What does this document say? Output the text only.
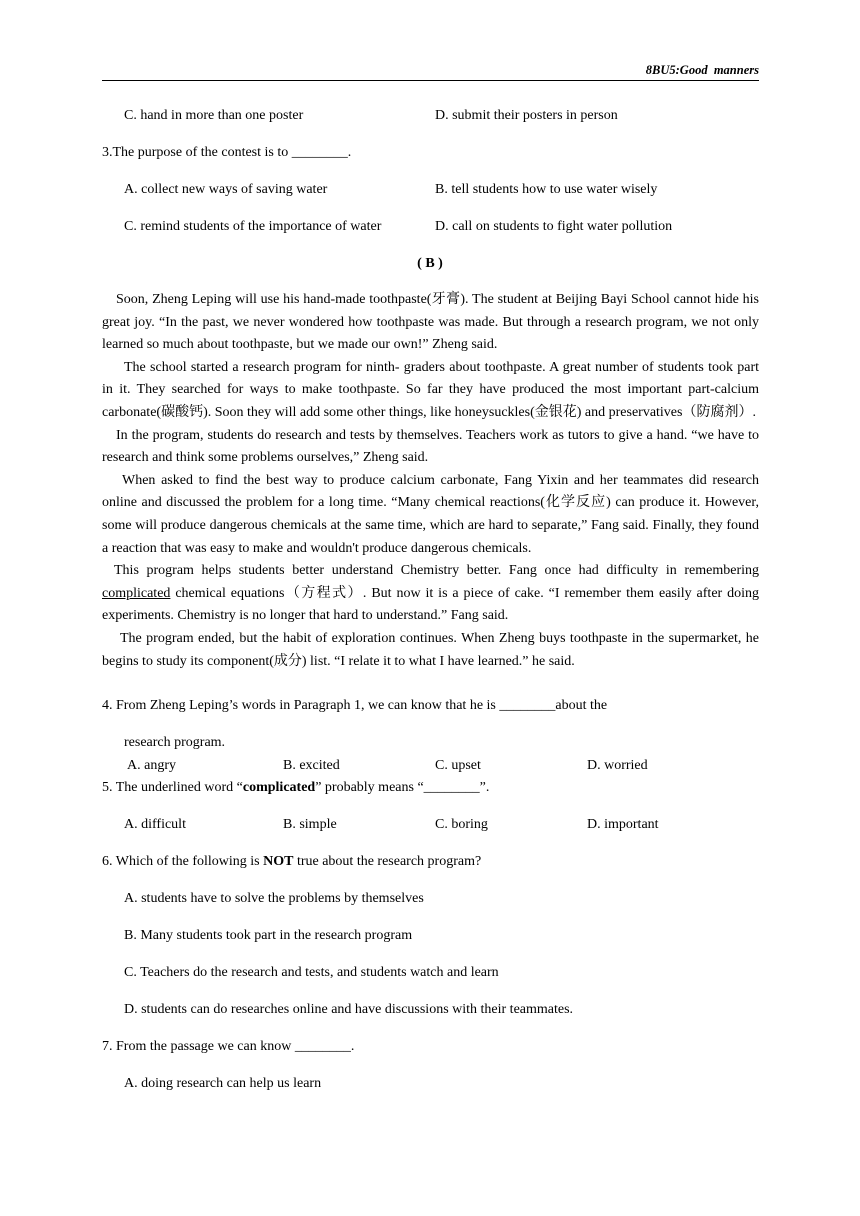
8BU5:Good  manners
C. hand in more than one poster	D. submit their posters in person
3.The purpose of the contest is to ________.
A. collect new ways of saving water	B. tell students how to use water wisely
C. remind students of the importance of water	D. call on students to fight water pollution
( B )

Soon, Zheng Leping will use his hand-made toothpaste(牙膏). The student at Beijing Bayi School cannot hide his great joy. “In the past, we never wondered how toothpaste was made. But through a research program, we not only learned so much about toothpaste, but we made our own!” Zheng said.

The school started a research program for ninth- graders about toothpaste. A great number of students took part in it. They searched for ways to make toothpaste. So far they have produced the most important part-calcium carbonate(碳酸钙). Soon they will add some other things, like honeysuckles(金银花) and preservatives（防腐剂）.

In the program, students do research and tests by themselves. Teachers work as tutors to give a hand. “we have to research and think some problems ourselves,” Zheng said.

When asked to find the best way to produce calcium carbonate, Fang Yixin and her teammates did research online and discussed the problem for a long time. “Many chemical reactions(化学反应) can produce it. However, some will produce dangerous chemicals at the same time, which are hard to separate,” Fang said. Finally, they found a reaction that was easy to make and wouldn't produce dangerous chemicals.

This program helps students better understand Chemistry better. Fang once had difficulty in remembering complicated chemical equations（方程式）. But now it is a piece of cake. “I remember them easily after doing experiments. Chemistry is no longer that hard to understand.” Fang said.

The program ended, but the habit of exploration continues. When Zheng buys toothpaste in the supermarket, he begins to study its component(成分) list. “I relate it to what I have learned.” he said.

4. From Zheng Leping’s words in Paragraph 1, we can know that he is ________about the
research program.
A. angry	B. excited	C. upset	D. worried
5. The underlined word “complicated” probably means “________”.
A. difficult	B. simple	C. boring	D. important
6. Which of the following is NOT true about the research program?
A. students have to solve the problems by themselves
B. Many students took part in the research program
C. Teachers do the research and tests, and students watch and learn
D. students can do researches online and have discussions with their teammates.
7. From the passage we can know ________.
A. doing research can help us learn
